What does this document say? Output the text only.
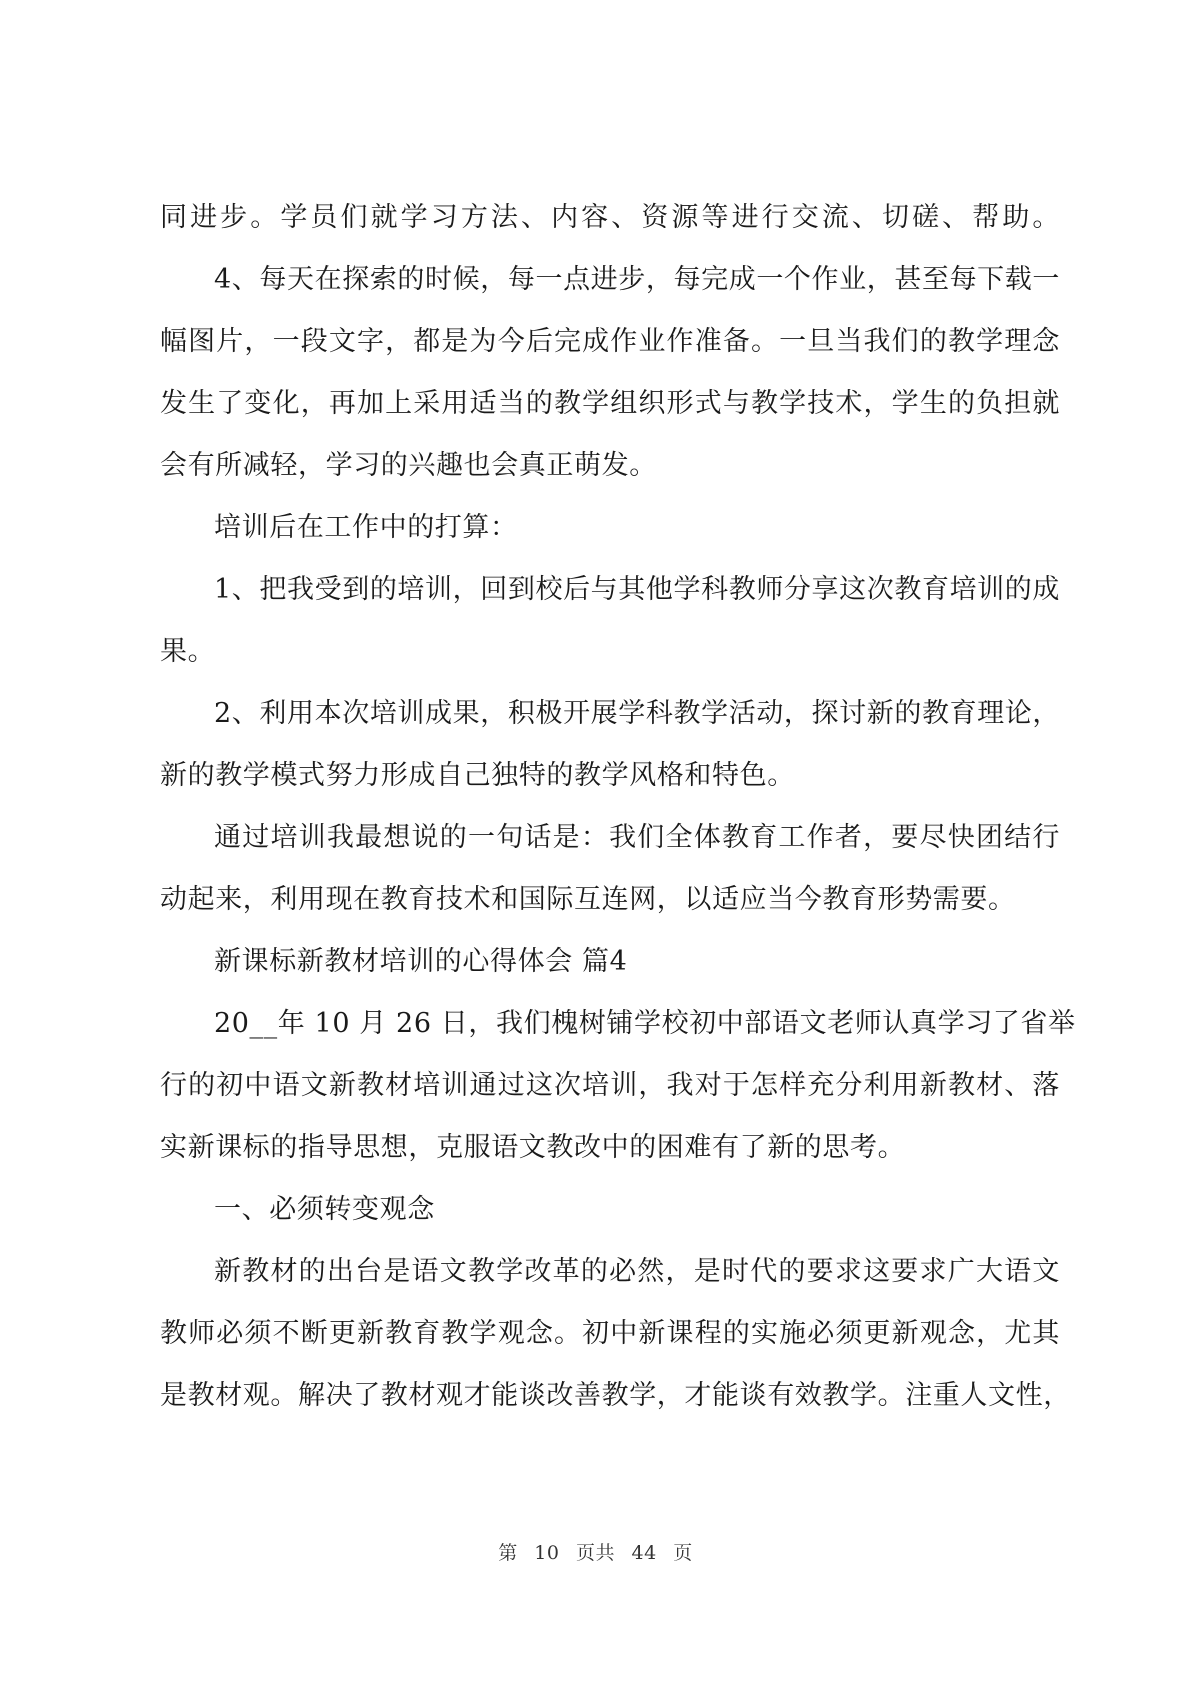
同进步。学员们就学习方法、内容、资源等进行交流、切磋、帮助。
4、每天在探索的时候，每一点进步，每完成一个作业，甚至每下载一
幅图片，一段文字，都是为今后完成作业作准备。一旦当我们的教学理念
发生了变化，再加上采用适当的教学组织形式与教学技术，学生的负担就
会有所减轻，学习的兴趣也会真正萌发。
培训后在工作中的打算：
1、把我受到的培训，回到校后与其他学科教师分享这次教育培训的成
果。
2、利用本次培训成果，积极开展学科教学活动，探讨新的教育理论，
新的教学模式努力形成自己独特的教学风格和特色。
通过培训我最想说的一句话是：我们全体教育工作者，要尽快团结行
动起来，利用现在教育技术和国际互连网，以适应当今教育形势需要。
新课标新教材培训的心得体会 篇4
20__年 10 月 26 日，我们槐树铺学校初中部语文老师认真学习了省举
行的初中语文新教材培训通过这次培训，我对于怎样充分利用新教材、落
实新课标的指导思想，克服语文教改中的困难有了新的思考。
一、必须转变观念
新教材的出台是语文教学改革的必然，是时代的要求这要求广大语文
教师必须不断更新教育教学观念。初中新课程的实施必须更新观念，尤其
是教材观。解决了教材观才能谈改善教学，才能谈有效教学。注重人文性，
第 10 页共 44 页
